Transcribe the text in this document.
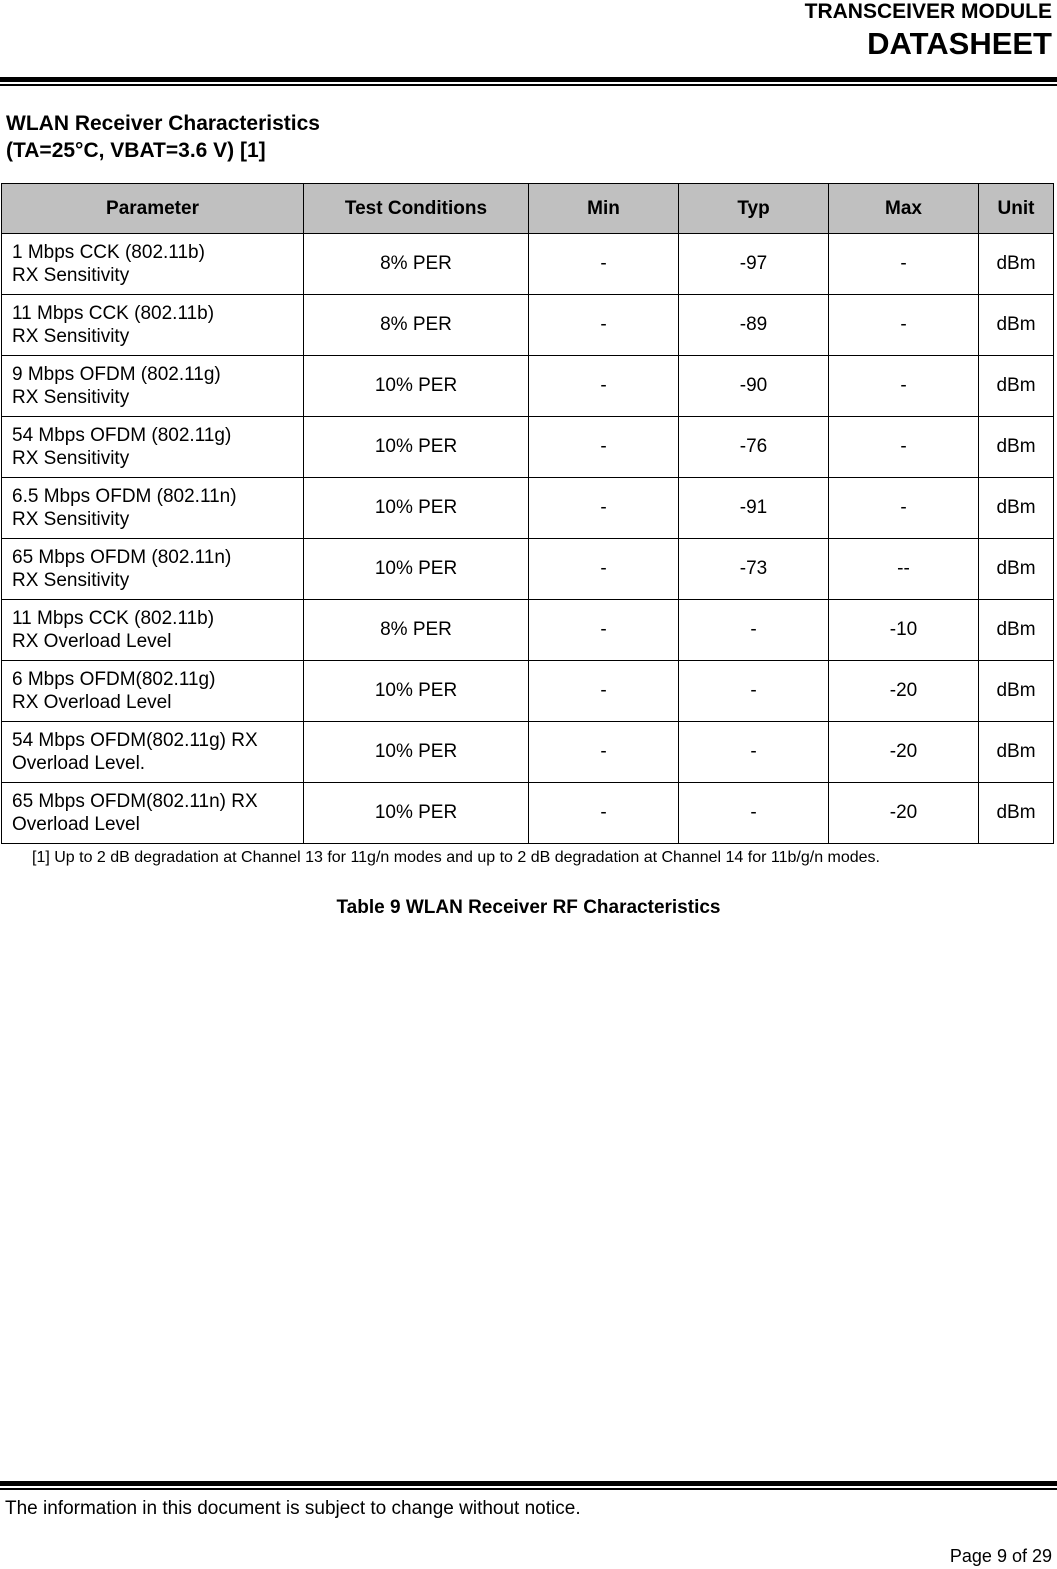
TRANSCEIVER MODULE
DATASHEET
WLAN Receiver Characteristics
(TA=25°C, VBAT=3.6 V) [1]
Parameter	Test Conditions	Min	Typ	Max	Unit
1 Mbps CCK (802.11b)
RX Sensitivity	8% PER	-	-97	-	dBm
11 Mbps CCK (802.11b)
RX Sensitivity	8% PER	-	-89	-	dBm
9 Mbps OFDM (802.11g)
RX Sensitivity	10% PER	-	-90	-	dBm
54 Mbps OFDM (802.11g)
RX Sensitivity	10% PER	-	-76	-	dBm
6.5 Mbps OFDM (802.11n)
RX Sensitivity	10% PER	-	-91	-	dBm
65 Mbps OFDM (802.11n)
RX Sensitivity	10% PER	-	-73	--	dBm
11 Mbps CCK (802.11b)
RX Overload Level	8% PER	-	-	-10	dBm
6 Mbps OFDM(802.11g)
RX Overload Level	10% PER	-	-	-20	dBm
54 Mbps OFDM(802.11g) RX
Overload Level.	10% PER	-	-	-20	dBm
65 Mbps OFDM(802.11n) RX
Overload Level	10% PER	-	-	-20	dBm
[1] Up to 2 dB degradation at Channel 13 for 11g/n modes and up to 2 dB degradation at Channel 14 for 11b/g/n modes.
Table 9 WLAN Receiver RF Characteristics
The information in this document is subject to change without notice.
Page 9 of 29
